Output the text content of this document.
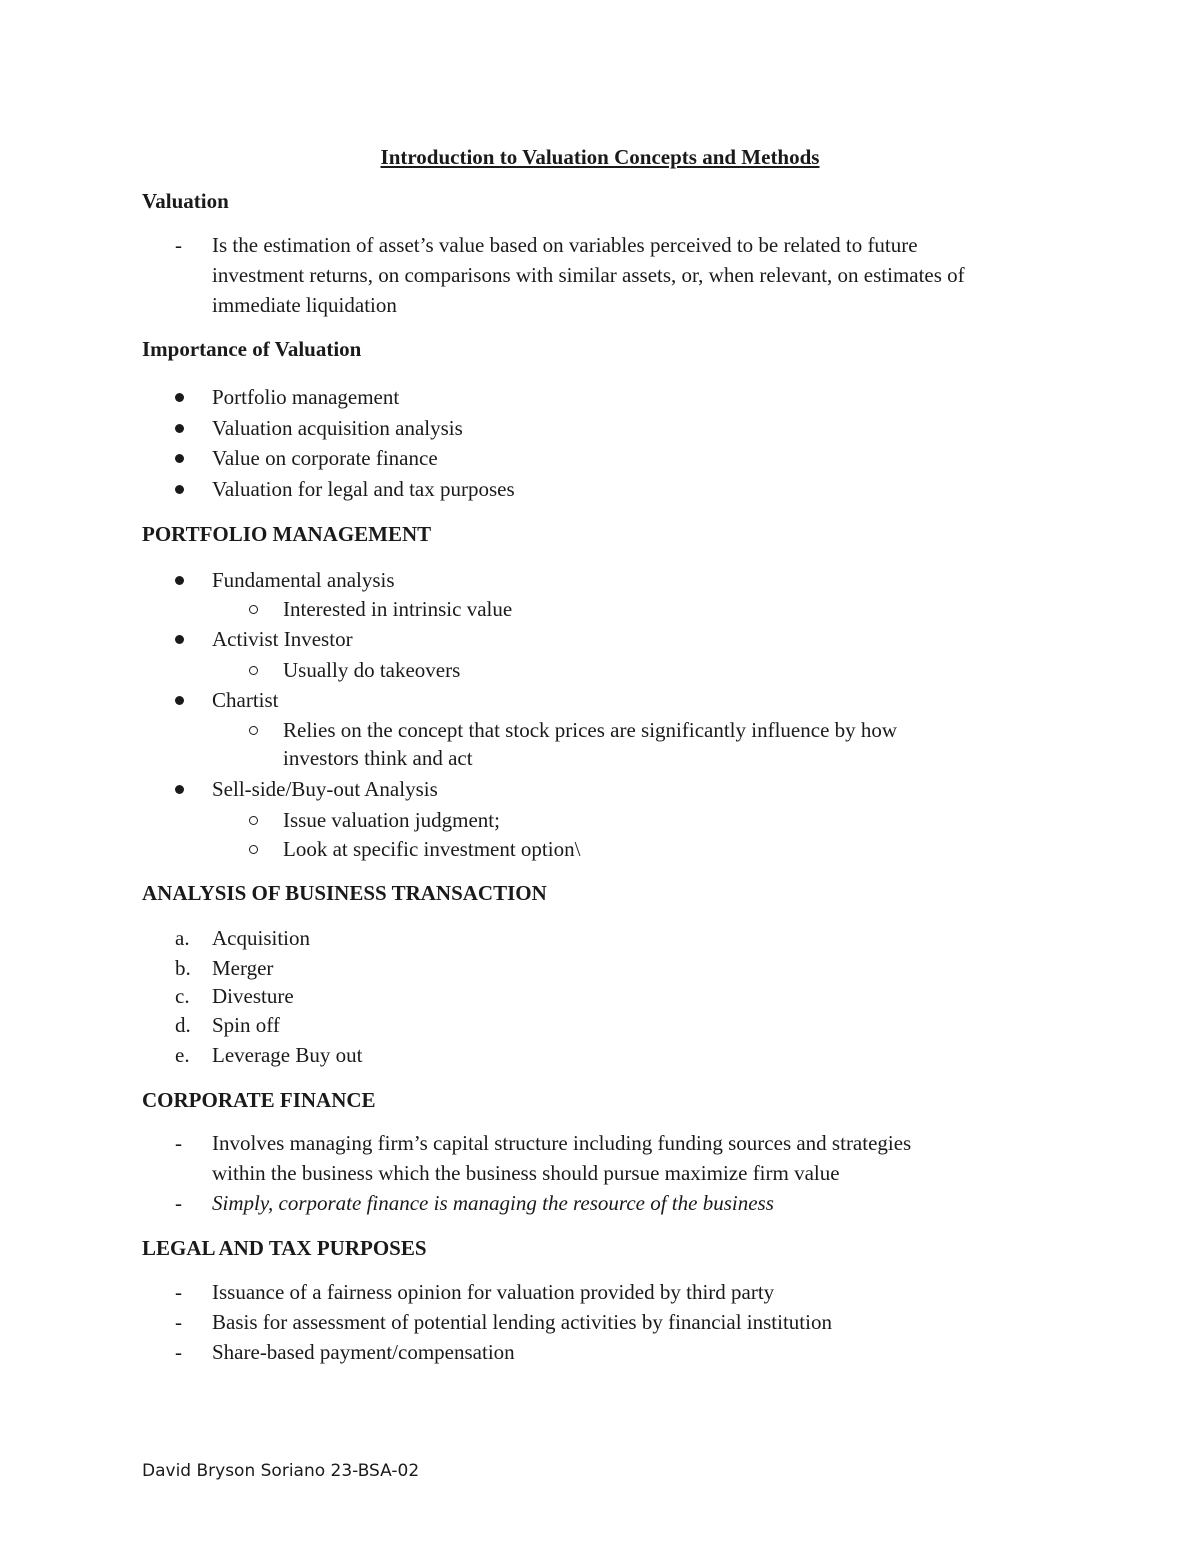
Introduction to Valuation Concepts and Methods
Valuation
- Is the estimation of asset’s value based on variables perceived to be related to future
investment returns, on comparisons with similar assets, or, when relevant, on estimates of
immediate liquidation
Importance of Valuation
Portfolio management
Valuation acquisition analysis
Value on corporate finance
Valuation for legal and tax purposes
PORTFOLIO MANAGEMENT
Fundamental analysis
Interested in intrinsic value
Activist Investor
Usually do takeovers
Chartist
Relies on the concept that stock prices are significantly influence by how
investors think and act
Sell-side/Buy-out Analysis
Issue valuation judgment;
Look at specific investment option\
ANALYSIS OF BUSINESS TRANSACTION
a. Acquisition
b. Merger
c. Divesture
d. Spin off
e. Leverage Buy out
CORPORATE FINANCE
- Involves managing firm’s capital structure including funding sources and strategies
within the business which the business should pursue maximize firm value
- Simply, corporate finance is managing the resource of the business
LEGAL AND TAX PURPOSES
- Issuance of a fairness opinion for valuation provided by third party
- Basis for assessment of potential lending activities by financial institution
- Share-based payment/compensation
David Bryson Soriano 23-BSA-02
